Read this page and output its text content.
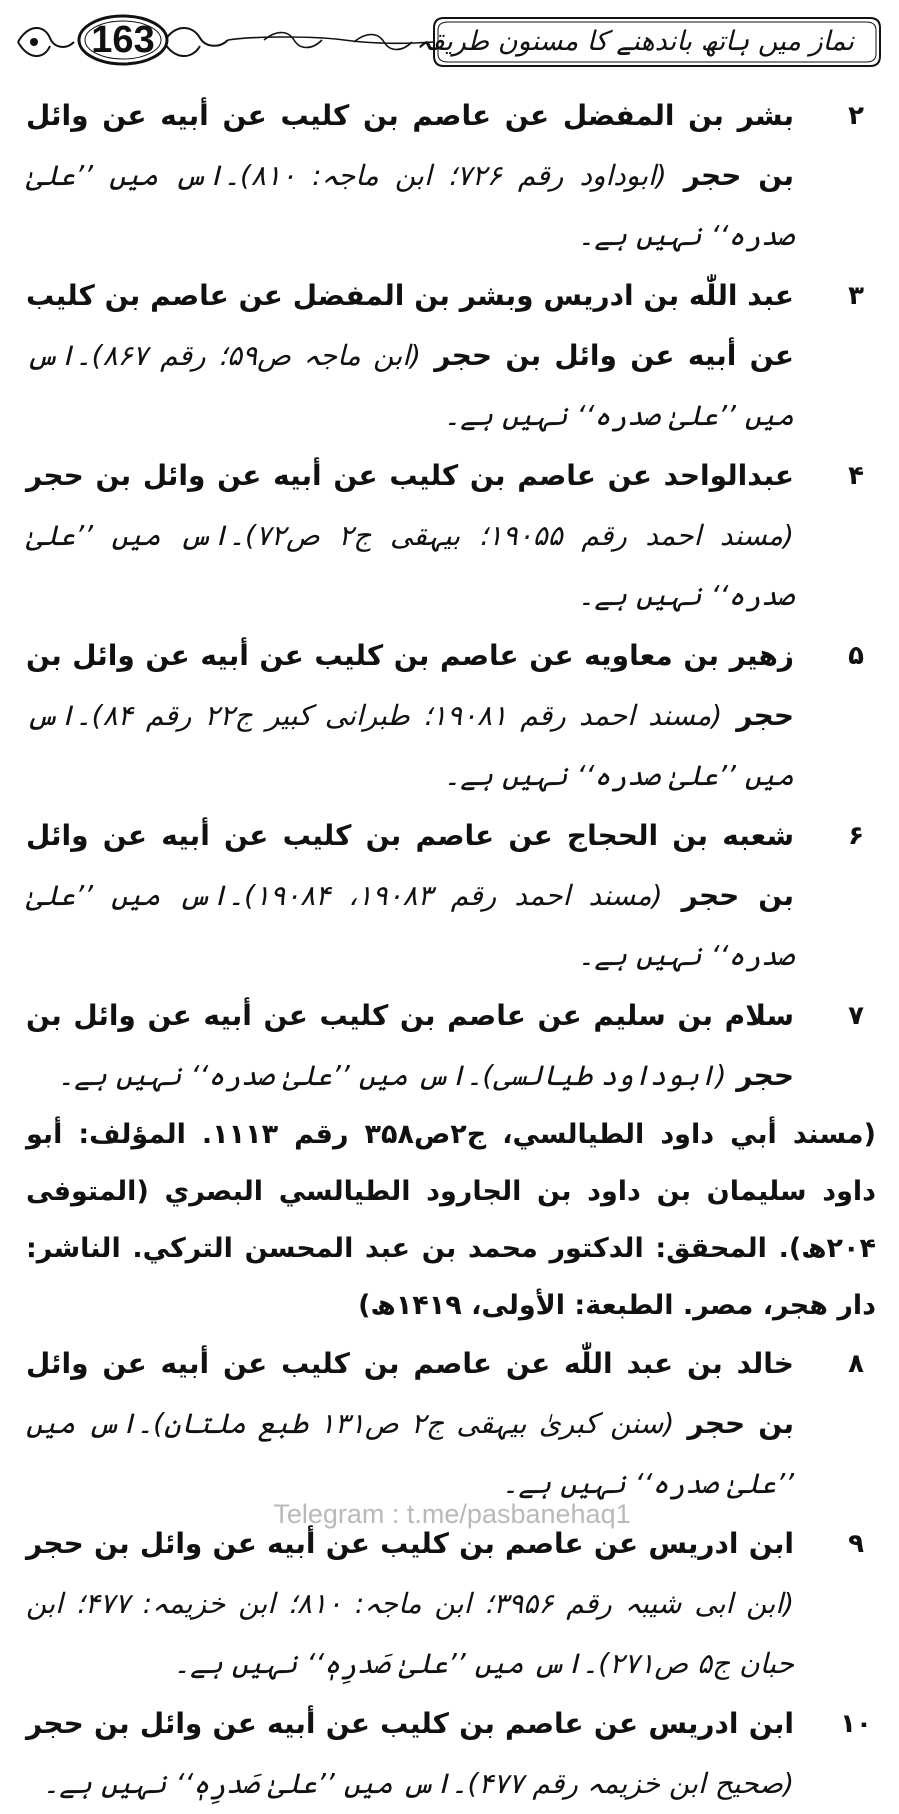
163	نماز میں ہاتھ باندھنے کا مسنون طریقہ
۲
بشر بن المفضل عن عاصم بن كليب عن أبيه عن وائل بن حجر (ابوداود رقم ۷۲۶؛ ابن ماجہ: ۸۱۰)۔اس میں ’’علیٰ صدرہ‘‘ نہیں ہے۔
۳
عبد اللّٰه بن ادريس وبشر بن المفضل عن عاصم بن كليب عن أبيه عن وائل بن حجر (ابن ماجہ ص۵۹؛ رقم ۸۶۷)۔اس میں ’’علیٰ صدرہ‘‘ نہیں ہے۔
۴
عبدالواحد عن عاصم بن كليب عن أبيه عن وائل بن حجر (مسند احمد رقم ۱۹۰۵۵؛ بیہقی ج۲ ص۷۲)۔اس میں ’’علیٰ صدرہ‘‘ نہیں ہے۔
۵
زهير بن معاويه عن عاصم بن كليب عن أبيه عن وائل بن حجر (مسند احمد رقم ۱۹۰۸۱؛ طبرانی کبیر ج۲۲ رقم ۸۴)۔اس میں ’’علیٰ صدرہ‘‘ نہیں ہے۔
۶
شعبه بن الحجاج عن عاصم بن كليب عن أبيه عن وائل بن حجر (مسند احمد رقم ۱۹۰۸۳، ۱۹۰۸۴)۔اس میں ’’علیٰ صدرہ‘‘ نہیں ہے۔
۷
سلام بن سليم عن عاصم بن كليب عن أبيه عن وائل بن حجر (ابوداود طیالسی)۔اس میں ’’علیٰ صدرہ‘‘ نہیں ہے۔
(مسند أبي داود الطيالسي، ج۲ص۳۵۸ رقم ۱۱۱۳. المؤلف: أبو داود سليمان بن داود بن الجارود الطيالسي البصري (المتوفى ۲۰۴ھ). المحقق: الدكتور محمد بن عبد المحسن التركي. الناشر: دار هجر، مصر. الطبعة: الأولى، ۱۴۱۹ھ)
۸
خالد بن عبد اللّٰه عن عاصم بن كليب عن أبيه عن وائل بن حجر (سنن کبریٰ بیہقی ج۲ ص۱۳۱ طبع ملتان)۔اس میں ’’علیٰ صدرہ‘‘ نہیں ہے۔
۹
ابن ادريس عن عاصم بن كليب عن أبيه عن وائل بن حجر (ابن ابی شیبہ رقم ۳۹۵۶؛ ابن ماجہ: ۸۱۰؛ ابن خزیمہ: ۴۷۷؛ ابن حبان ج۵ ص۲۷۱)۔اس میں ’’علیٰ صَدرِہٖ‘‘ نہیں ہے۔
۱۰
ابن ادريس عن عاصم بن كليب عن أبيه عن وائل بن حجر (صحیح ابن خزیمہ رقم ۴۷۷)۔اس میں ’’علیٰ صَدرِہٖ‘‘ نہیں ہے۔
Telegram : t.me/pasbanehaq1
